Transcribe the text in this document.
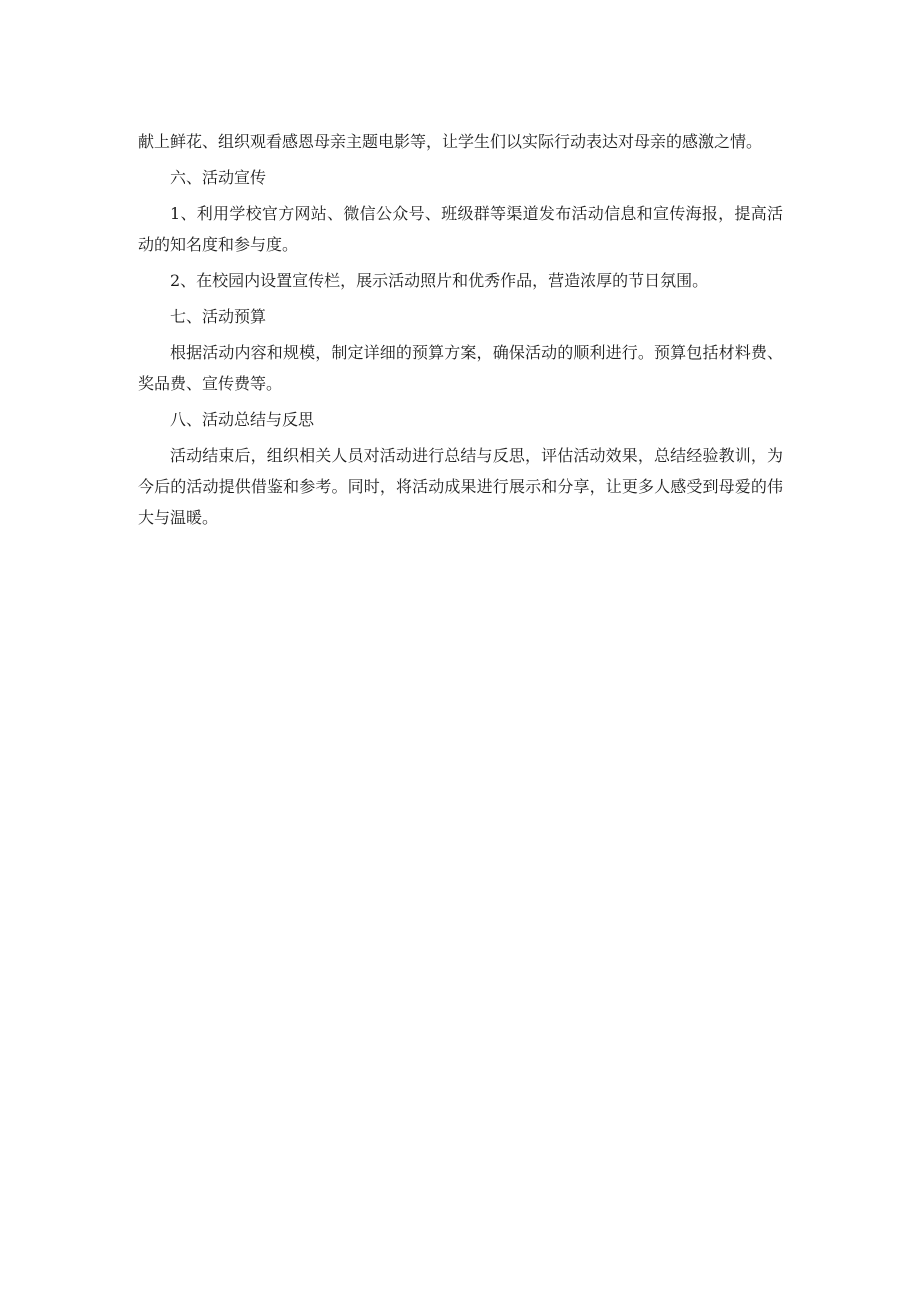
献上鲜花、组织观看感恩母亲主题电影等，让学生们以实际行动表达对母亲的感激之情。

六、活动宣传

1、利用学校官方网站、微信公众号、班级群等渠道发布活动信息和宣传海报，提高活动的知名度和参与度。

2、在校园内设置宣传栏，展示活动照片和优秀作品，营造浓厚的节日氛围。

七、活动预算

根据活动内容和规模，制定详细的预算方案，确保活动的顺利进行。预算包括材料费、奖品费、宣传费等。

八、活动总结与反思

活动结束后，组织相关人员对活动进行总结与反思，评估活动效果，总结经验教训，为今后的活动提供借鉴和参考。同时，将活动成果进行展示和分享，让更多人感受到母爱的伟大与温暖。
